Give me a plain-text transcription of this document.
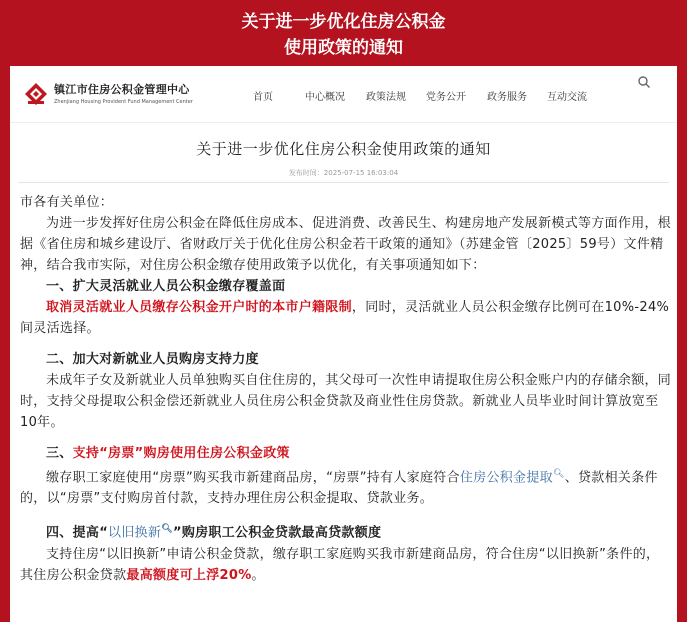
关于进一步优化住房公积金
使用政策的通知
镇江市住房公积金管理中心
Zhenjiang Housing Provident Fund Management Center	首页	中心概况 政策法规 党务公开 政务服务 互动交流
关于进一步优化住房公积金使用政策的通知
发布时间：2025-07-15 16:03:04

市各有关单位：

为进一步发挥好住房公积金在降低住房成本、促进消费、改善民生、构建房地产发展新模式等方面作用，根据《省住房和城乡建设厅、省财政厅关于优化住房公积金若干政策的通知》（苏建金管〔2025〕59号）文件精神，结合我市实际，对住房公积金缴存使用政策予以优化，有关事项通知如下：

一、扩大灵活就业人员公积金缴存覆盖面

取消灵活就业人员缴存公积金开户时的本市户籍限制，同时，灵活就业人员公积金缴存比例可在10%-24%间灵活选择。

二、加大对新就业人员购房支持力度

未成年子女及新就业人员单独购买自住住房的，其父母可一次性申请提取住房公积金账户内的存储余额，同时，支持父母提取公积金偿还新就业人员住房公积金贷款及商业性住房贷款。新就业人员毕业时间计算放宽至10年。

三、支持“房票”购房使用住房公积金政策

缴存职工家庭使用“房票”购买我市新建商品房，“房票”持有人家庭符合住房公积金提取🔍︎、贷款相关条件的，以“房票”支付购房首付款，支持办理住房公积金提取、贷款业务。

四、提高“以旧换新🔍︎”购房职工公积金贷款最高贷款额度

支持住房“以旧换新”申请公积金贷款，缴存职工家庭购买我市新建商品房，符合住房“以旧换新”条件的，其住房公积金贷款最高额度可上浮20%。
